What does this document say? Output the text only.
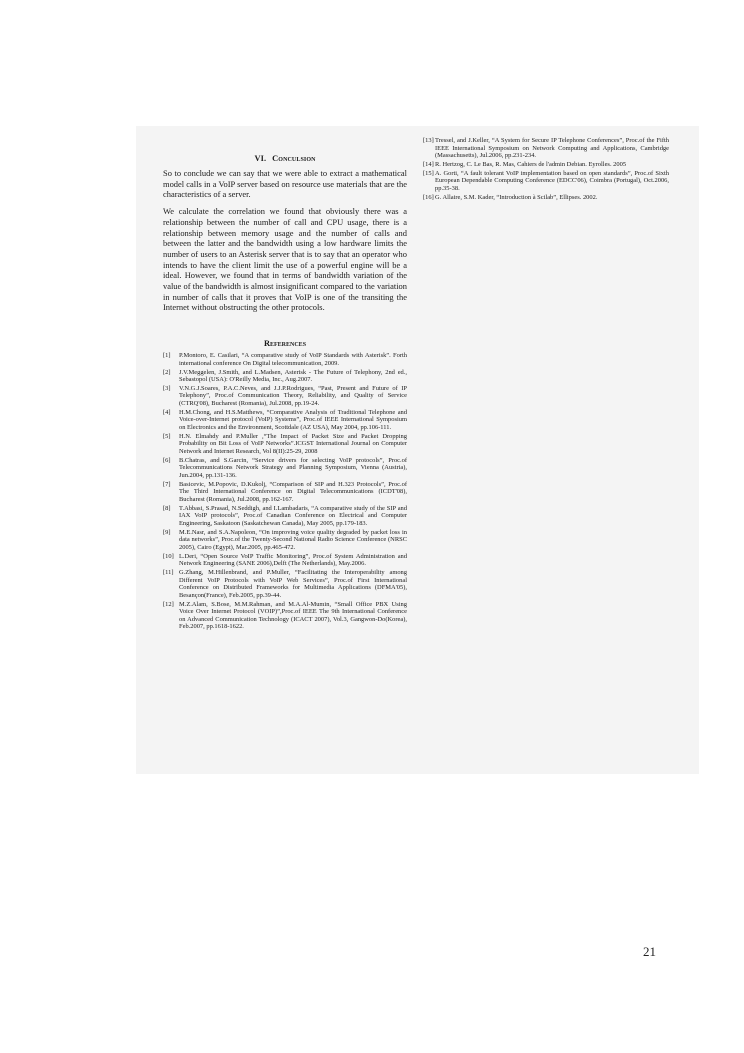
VI. Conculsion

So to conclude we can say that we were able to extract a mathematical model calls in a VoIP server based on resource use materials that are the characteristics of a server.

We calculate the correlation we found that obviously there was a relationship between the number of call and CPU usage, there is a relationship between memory usage and the number of calls and between the latter and the bandwidth using a low hardware limits the number of users to an Asterisk server that is to say that an operator who intends to have the client limit the use of a powerful engine will be a ideal. However, we found that in terms of bandwidth variation of the value of the bandwidth is almost insignificant compared to the variation in number of calls that it proves that VoIP is one of the transiting the Internet without obstructing the other protocols.

References
[1]	P.Montoro, E. Casilari, “A comparative study of VoIP Standards with Asterisk”. Forth international conference On Digital telecommunication, 2009.
[2]	J.V.Meggelen, J.Smith, and L.Madsen, Asterisk - The Future of Telephony, 2nd ed., Sebastopol (USA): O'Reilly Media, Inc., Aug.2007.
[3]	V.N.G.J.Soares, P.A.C.Neves, and J.J.P.Rodrigues, “Past, Present and Future of IP Telephony”, Proc.of Communication Theory, Reliability, and Quality of Service (CTRQ'08), Bucharest (Romania), Jul.2008, pp.19-24.
[4]	H.M.Chong, and H.S.Matthews, “Comparative Analysis of Traditional Telephone and Voice-over-Internet protocol (VoIP) Systems”, Proc.of IEEE International Symposium on Electronics and the Environment, Scottdale (AZ USA), May 2004, pp.106-111.
[5]	H.N. Elmahdy and P.Muller ,“The Impact of Packet Size and Packet Dropping Probability on Bit Loss of VoIP Networks”.ICGST International Journal on Computer Network and Internet Research, Vol 8(II):25-29, 2008
[6]	B.Chatras, and S.Garcin, “Service drivers for selecting VoIP protocols”, Proc.of Telecommunications Network Strategy and Planning Symposium, Vienna (Austria), Jun.2004, pp.131-136.
[7]	Basicevic, M.Popovic, D.Kukolj, “Comparison of SIP and H.323 Protocols”, Proc.of The Third International Conference on Digital Telecommunications (ICDT'08), Bucharest (Romania), Jul.2008, pp.162-167.
[8]	T.Abbasi, S.Prasad, N.Seddigh, and I.Lambadaris, “A comparative study of the SIP and IAX VoIP protocols”, Proc.of Canadian Conference on Electrical and Computer Engineering, Saskatoon (Saskatchewan Canada), May 2005, pp.179-183.
[9]	M.E.Nasr, and S.A.Napoleon, “On improving voice quality degraded by packet loss in data networks”, Proc.of the Twenty-Second National Radio Science Conference (NRSC 2005), Cairo (Egypt), Mar.2005, pp.465-472.
[10] L.Deri, “Open Source VoIP Traffic Monitoring”, Proc.of System Administration and Network Engineering (SANE 2006),Delft (The Netherlands), May.2006.
[11] G.Zhang, M.Hillenbrand, and P.Muller, “Facilitating the Interoperability among Different VoIP Protocols with VoIP Web Services”, Proc.of First International Conference on Distributed Frameworks for Multimedia Applications (DFMA'05), Besançon(France), Feb.2005, pp.39-44.
[12] M.Z.Alam, S.Bose, M.M.Rahman, and M.A.Al-Mumin, “Small Office PBX Using Voice Over Internet Protocol (VOIP)”,Proc.of IEEE The 9th International Conference on Advanced Communication Technology (ICACT 2007), Vol.3, Gangwon-Do(Korea), Feb.2007, pp.1618-1622.
[13] Tressel, and J.Keller, “A System for Secure IP Telephone Conferences”, Proc.of the Fifth IEEE International Symposium on Network Computing and Applications, Cambridge (Massachusetts), Jul.2006, pp.231-234.
[14] R. Hertzog, C. Le Bas, R. Mas, Cahiers de l'admin Debian. Eyrolles. 2005
[15] A. Gorti, “A fault tolerant VoIP implementation based on open standards”, Proc.of Sixth European Dependable Computing Conference (EDCC'06), Coimbra (Portugal), Oct.2006, pp.35-38.
[16] G. Allaire, S.M. Kader, “Introduction à Scilab”, Ellipses. 2002.
21
